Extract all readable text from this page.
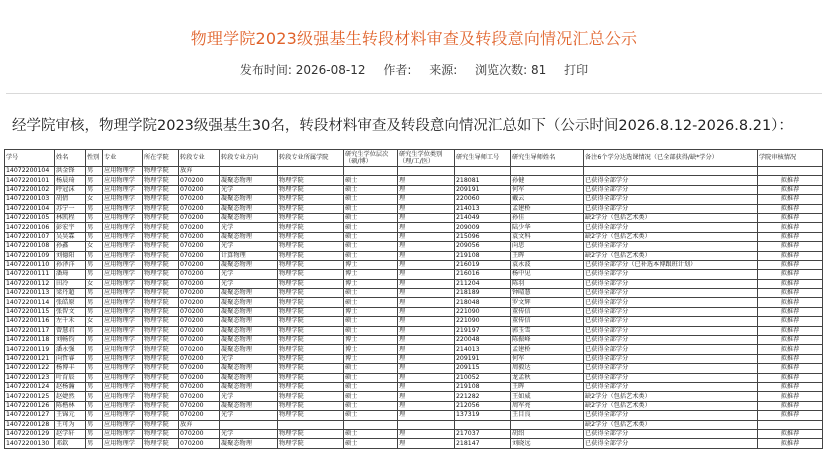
物理学院2023级强基生转段材料审查及转段意向情况汇总公示
发布时间: 2026-08-12 作者: 来源: 浏览次数: 81 打印
经学院审核，物理学院2023级强基生30名，转段材料审查及转段意向情况汇总如下（公示时间2026.8.12-2026.8.21）：
学号	姓名	性别	专业	所在学院	转段专业	转段专业方向	转段专业所属学院	研究生学位层次（硕/博）	研究生学位类别（理/工/医）	研究生导师工号	研究生导师姓名	备注6个学分达选课情况（已全部获得/缺*学分）	学院审核情况
140722001​04	洪金锋	男	应用物理学	物理学院	放弃								
14072200101	杨晨琦	男	应用物理学	物理学院	070200	凝聚态物理	物理学院	硕士	理	218081	孙健	已获得全部学分	拟推荐
14072200102	呼冠沫	男	应用物理学	物理学院	070200	光学	物理学院	硕士	理	209191	何军	已获得全部学分	拟推荐
14072200103	胡倩	女	应用物理学	物理学院	070200	凝聚态物理	物理学院	硕士	理	220060	戴云	已获得全部学分	拟推荐
14072200104	苏宁一	男	应用物理学	物理学院	070200	凝聚态物理	物理学院	硕士	理	214013	孟建桥	已获得全部学分	拟推荐
14072200105	林凯程	男	应用物理学	物理学院	070200	凝聚态物理	物理学院	硕士	理	214049	孙佳	缺2学分（包括艺术类）	拟推荐
14072200106	彭宏宇	男	应用物理学	物理学院	070200	光学	物理学院	硕士	理	209009	陆少华	已获得全部学分	拟推荐
14072200107	吴昊霖	男	应用物理学	物理学院	070200	凝聚态物理	物理学院	硕士	理	215096	袁文科	缺2学分（包括艺术类）	拟推荐
14072200108	孙鑫	女	应用物理学	物理学院	070200	光学	物理学院	硕士	理	209056	向思	已获得全部学分	拟推荐
14072200109	刘德阳	男	应用物理学	物理学院	070200	计算物理	物理学院	硕士	理	219108	王晖	缺2学分（包括艺术类）	拟推荐
14072200110	孙泽洋	男	应用物理学	物理学院	070200	凝聚态物理	物理学院	博士	理	216019	袁永波	已获得全部学分（已补选本博跟班计划）	拟推荐
14072200111	潘琦	男	应用物理学	物理学院	070200	光学	物理学院	博士	理	216016	杨中见	已获得全部学分	拟推荐
14072200112	田冷	女	应用物理学	物理学院	070200	光学	物理学院	博士	理	211204	陈羽	已获得全部学分	拟推荐
14072200113	梁丹超	男	应用物理学	物理学院	070200	凝聚态物理	物理学院	硕士	理	218189	钟晴慧	已获得全部学分	拟推荐
14072200114	张皓原	男	应用物理学	物理学院	070200	凝聚态物理	物理学院	硕士	理	218048	罗文辉	已获得全部学分	拟推荐
14072200115	张智文	男	应用物理学	物理学院	070200	凝聚态物理	物理学院	博士	理	221090	董传信	已获得全部学分	拟推荐
14072200116	左千禾	女	应用物理学	物理学院	070200	凝聚态物理	物理学院	硕士	理	221090	董传信	已获得全部学分	拟推荐
14072200117	曾慧君	男	应用物理学	物理学院	070200	凝聚态物理	物理学院	硕士	理	219197	郭玉雪	已获得全部学分	拟推荐
14072200118	刘畅钧	男	应用物理学	物理学院	070200	凝聚态物理	物理学院	博士	理	220048	陈振峰	已获得全部学分	拟推荐
14072200119	潘永强	男	应用物理学	物理学院	070200	凝聚态物理	物理学院	博士	理	214013	孟建桥	已获得全部学分	拟推荐
14072200121	向哲睿	男	应用物理学	物理学院	070200	光学	物理学院	博士	理	209191	何军	已获得全部学分	拟推荐
14072200122	杨博丰	男	应用物理学	物理学院	070200	凝聚态物理	物理学院	硕士	理	209115	周毅达	已获得全部学分	拟推荐
14072200123	叶育辰	男	应用物理学	物理学院	070200	凝聚态物理	物理学院	硕士	理	210052	龙孟秋	已获得全部学分	拟推荐
14072200124	赵杨瀚	男	应用物理学	物理学院	070200	凝聚态物理	物理学院	硕士	理	219108	王晖	已获得全部学分	拟推荐
14072200125	赵婕然	男	应用物理学	物理学院	070200	光学	物理学院	硕士	理	221282	王如威	缺2学分（包括艺术类）	拟推荐
14072200126	陈楷林	男	应用物理学	物理学院	070200	凝聚态物理	物理学院	硕士	理	212056	周军亮	缺2学分（包括艺术类）	拟推荐
14072200127	王锦元	男	应用物理学	物理学院	070200	光学	物理学院	硕士	理	137319	王目良	已获得全部学分	拟推荐
14072200128	王可为	男	应用物理学	物理学院	放弃							缺2学分（包括艺术类）	
14072200129	赵学轩	男	应用物理学	物理学院	070200	光学	物理学院	硕士	理	217037	胡绍	已获得全部学分	拟推荐
14072200130	邓欽	男	应用物理学	物理学院	070200	凝聚态物理	物理学院	硕士	理	218147	刘晓远	已获得全部学分	拟推荐
